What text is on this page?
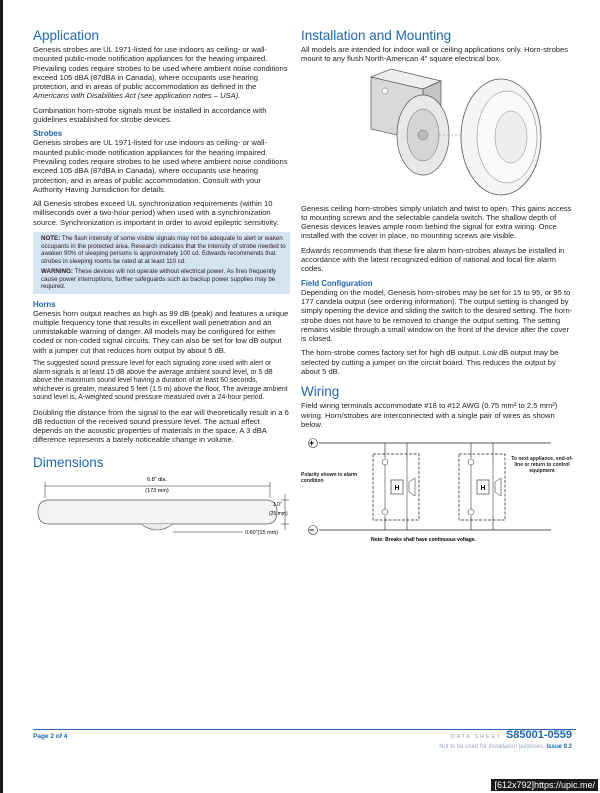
Application

Genesis strobes are UL 1971-listed for use indoors as ceiling- or wall-mounted public-mode notification appliances for the hearing impaired. Prevailing codes require strobes to be used where ambient noise conditions exceed 105 dBA (87dBA in Canada), where occupants use hearing protection, and in areas of public accommodation as defined in the Americans with Disabilities Act (see application notes – USA).

Combination horn-strobe signals must be installed in accordance with guidelines established for strobe devices.

Strobes

Genesis strobes are UL 1971-listed for use indoors as ceiling- or wall-mounted public-mode notification appliances for the hearing impaired. Prevailing codes require strobes to be used where ambient noise conditions exceed 105 dBA (87dBA in Canada), where occupants use hearing protection, and in areas of public accommodation. Consult with your Authority Having Jurisdiction for details.

All Genesis strobes exceed UL synchronization requirements (within 10 milliseconds over a two-hour period) when used with a synchronization source. Synchronization is important in order to avoid epileptic sensitivity.

NOTE: The flash intensity of some visible signals may not be adequate to alert or waken occupants in the protected area. Research indicates that the intensity of strobe needed to awaken 90% of sleeping persons is approximately 100 cd. Edwards recommends that strobes in sleeping rooms be rated at at least 110 cd.

WARNING: These devices will not operate without electrical power. As fires frequently cause power interruptions, further safeguards such as backup power supplies may be required.

Horns

Genesis horn output reaches as high as 99 dB (peak) and features a unique multiple frequency tone that results in excellent wall penetration and an unmistakable warning of danger. All models may be configured for either coded or non-coded signal circuits. They can also be set for low dB output with a jumper cut that reduces horn output by about 5 dB.

The suggested sound pressure level for each signaling zone used with alert or alarm signals is at least 15 dB above the average ambient sound level, or 5 dB above the maximum sound level having a duration of at least 60 seconds, whichever is greater, measured 5 feet (1.5 m) above the floor. The average ambient sound level is, A-weighted sound pressure measured over a 24-hour period.

Doubling the distance from the signal to the ear will theoretically result in a 6 dB reduction of the received sound pressure level. The actual effect depends on the acoustic properties of materials in the space. A 3 dBA difference represents a barely noticeable change in volume.

Dimensions
6.8" dia.
(173 mm)
1.0"
(25 mm)
0.60"(15 mm)
Installation and Mounting

All models are intended for indoor wall or ceiling applications only. Horn-strobes mount to any flush North-American 4" square electrical box.

Genesis ceiling horn-strobes simply unlatch and twist to open. This gains access to mounting screws and the selectable candela switch. The shallow depth of Genesis devices leaves ample room behind the signal for extra wiring. Once installed with the cover in place, no mounting screws are visible.

Edwards recommends that these fire alarm horn-strobes always be installed in accordance with the latest recognized edition of national and local fire alarm codes.

Field Configuration

Depending on the model, Genesis horn-strobes may be set for 15 to 95, or 95 to 177 candela output (see ordering information). The output setting is changed by simply opening the device and sliding the switch to the desired setting. The horn-strobe does not have to be removed to change the output setting. The setting remains visible through a small window on the front of the device after the cover is closed.

The horn-strobe comes factory set for high dB output. Low dB output may be selected by cutting a jumper on the circuit board. This reduces the output by about 5 dB.

Wiring

Field wiring terminals accommodate #18 to #12 AWG (0.75 mm² to 2.5 mm²) wiring. Horn/strobes are interconnected with a single pair of wires as shown below.

+
−
H	H
Polarity shown in alarm condition
To next appliance, end-of-line or return to control equipment
Note: Breaks shall have continuous voltage.
Page 2 of 4	DATA SHEET S85001-0559
Not to be used for installation purposes. Issue 9.2
[612x792]https://upic.me/
